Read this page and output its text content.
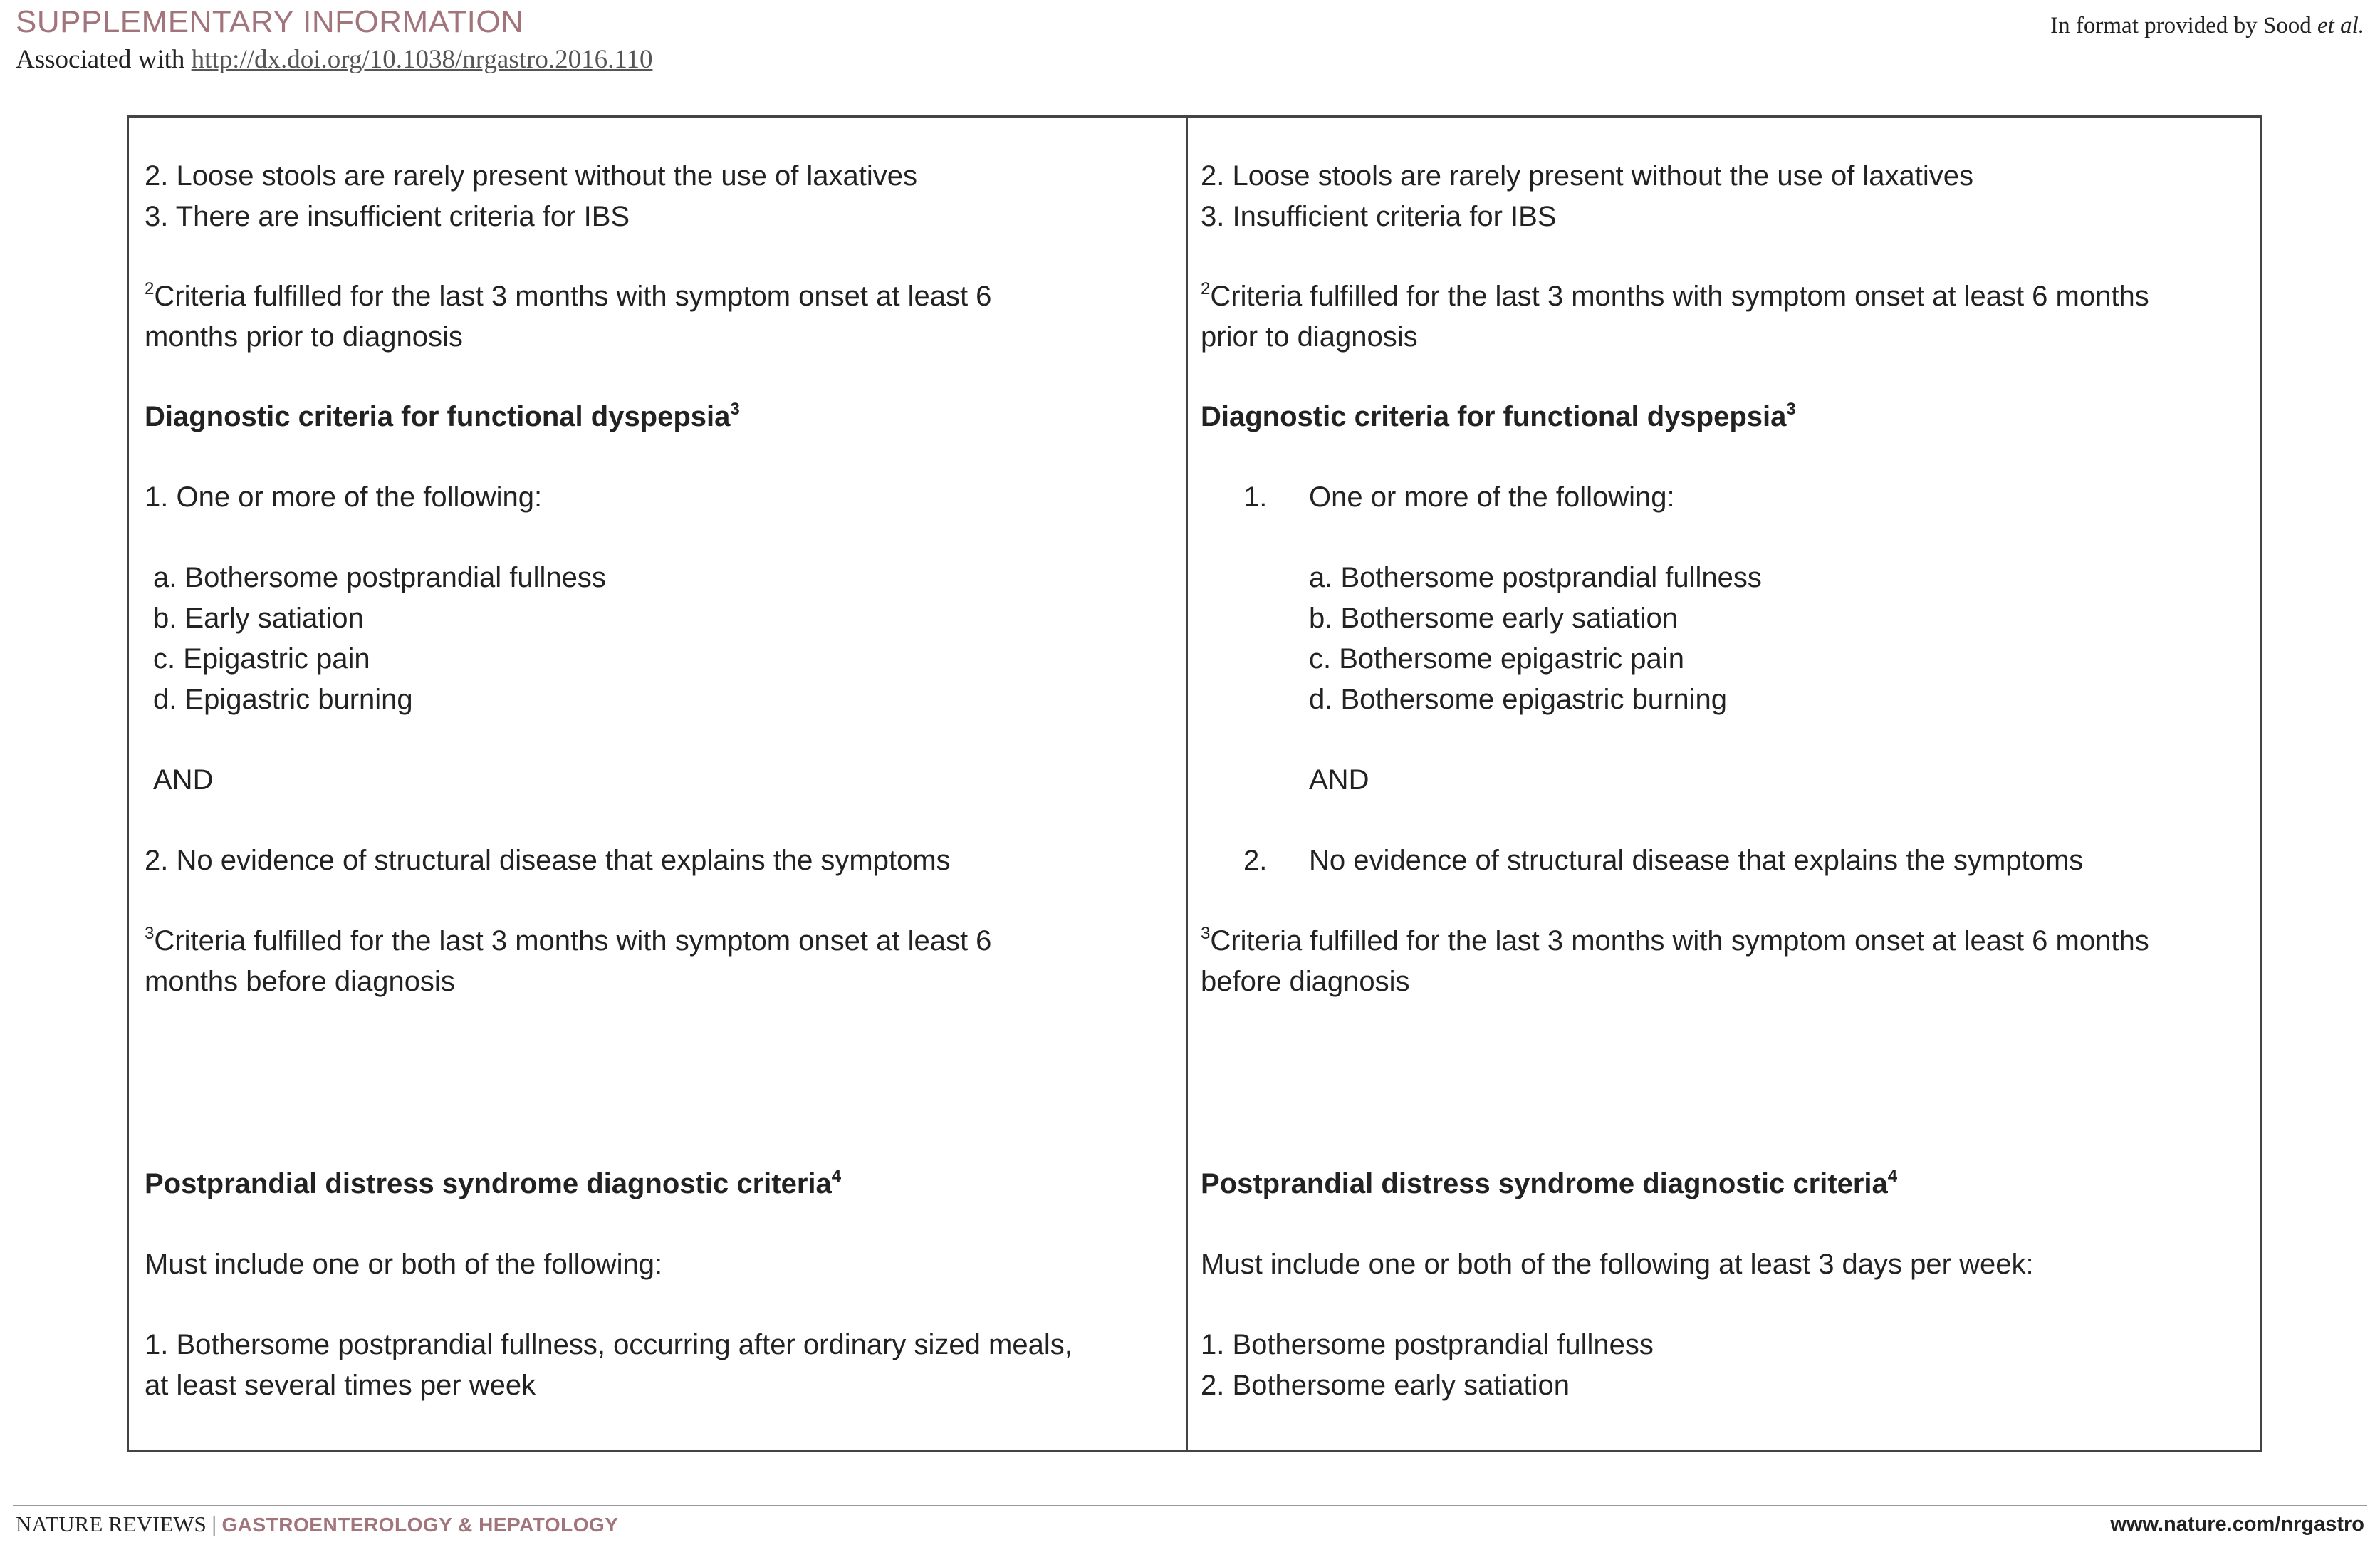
SUPPLEMENTARY INFORMATION
Associated with http://dx.doi.org/10.1038/nrgastro.2016.110
In format provided by Sood et al.
2. Loose stools are rarely present without the use of laxatives
3. There are insufficient criteria for IBS
$^2$Criteria fulfilled for the last 3 months with symptom onset at least 6
months prior to diagnosis
Diagnostic criteria for functional dyspepsia$^3$
1. One or more of the following:
a. Bothersome postprandial fullness
b. Early satiation
c. Epigastric pain
d. Epigastric burning
AND
2. No evidence of structural disease that explains the symptoms
$^3$Criteria fulfilled for the last 3 months with symptom onset at least 6
months before diagnosis
Postprandial distress syndrome diagnostic criteria$^4$
Must include one or both of the following:
1. Bothersome postprandial fullness, occurring after ordinary sized meals,
at least several times per week
2. Loose stools are rarely present without the use of laxatives
3. Insufficient criteria for IBS
$^2$Criteria fulfilled for the last 3 months with symptom onset at least 6 months
prior to diagnosis
Diagnostic criteria for functional dyspepsia$^3$
1. One or more of the following:
a. Bothersome postprandial fullness
b. Bothersome early satiation
c. Bothersome epigastric pain
d. Bothersome epigastric burning
AND
2. No evidence of structural disease that explains the symptoms
$^3$Criteria fulfilled for the last 3 months with symptom onset at least 6 months
before diagnosis
Postprandial distress syndrome diagnostic criteria$^4$
Must include one or both of the following at least 3 days per week:
1. Bothersome postprandial fullness
2. Bothersome early satiation
NATURE REVIEWS | GASTROENTEROLOGY & HEPATOLOGY	www.nature.com/nrgastro
